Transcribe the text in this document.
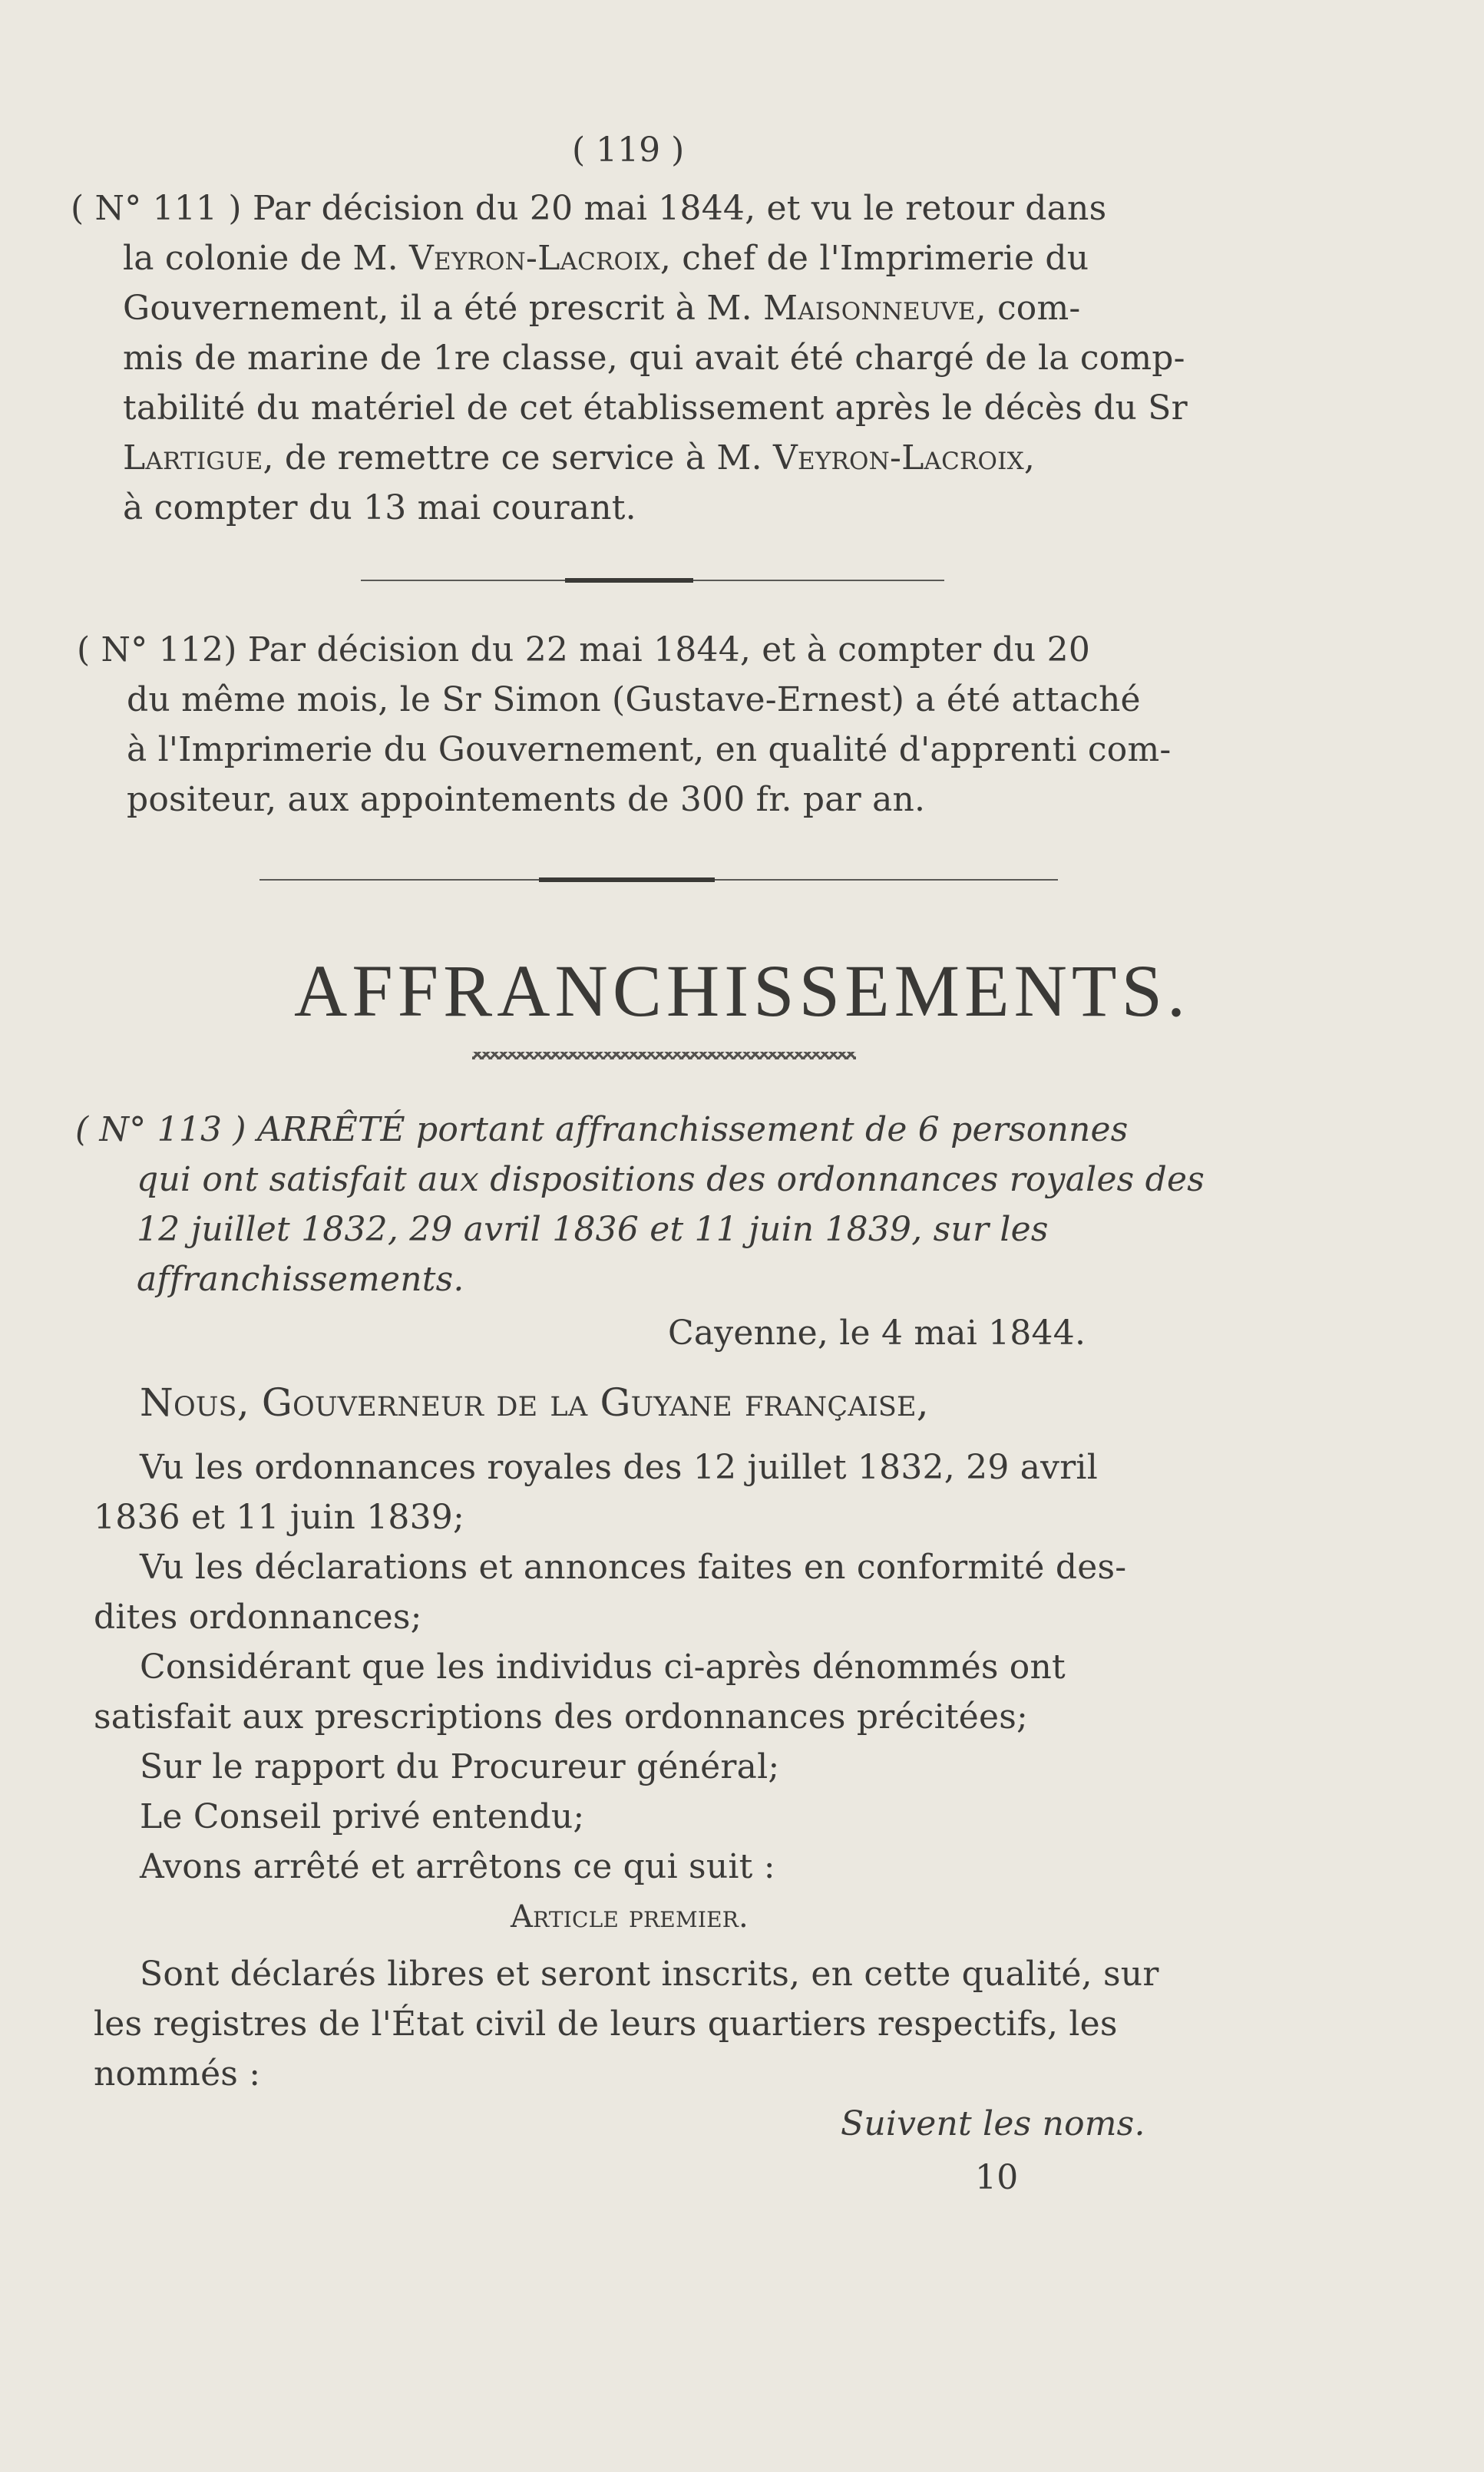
( 119 )
( N° 111 ) Par décision du 20 mai 1844, et vu le retour dans
la colonie de M. Veyron-Lacroix, chef de l'Imprimerie du
Gouvernement, il a été prescrit à M. Maisonneuve, com-
mis de marine de 1re classe, qui avait été chargé de la comp-
tabilité du matériel de cet établissement après le décès du Sr
Lartigue, de remettre ce service à M. Veyron-Lacroix,
à compter du 13 mai courant.
( N° 112) Par décision du 22 mai 1844, et à compter du 20
du même mois, le Sr Simon (Gustave-Ernest) a été attaché
à l'Imprimerie du Gouvernement, en qualité d'apprenti com-
positeur, aux appointements de 300 fr. par an.
AFFRANCHISSEMENTS.
( N° 113 ) ARRÊTÉ portant affranchissement de 6 personnes
qui ont satisfait aux dispositions des ordonnances royales des
12 juillet 1832, 29 avril 1836 et 11 juin 1839, sur les
affranchissements.
Cayenne, le 4 mai 1844.
Nous, Gouverneur de la Guyane française,
Vu les ordonnances royales des 12 juillet 1832, 29 avril
1836 et 11 juin 1839;
Vu les déclarations et annonces faites en conformité des-
dites ordonnances;
Considérant que les individus ci-après dénommés ont
satisfait aux prescriptions des ordonnances précitées;
Sur le rapport du Procureur général;
Le Conseil privé entendu;
Avons arrêté et arrêtons ce qui suit :
Article premier.
Sont déclarés libres et seront inscrits, en cette qualité, sur
les registres de l'État civil de leurs quartiers respectifs, les
nommés :
Suivent les noms.
10
